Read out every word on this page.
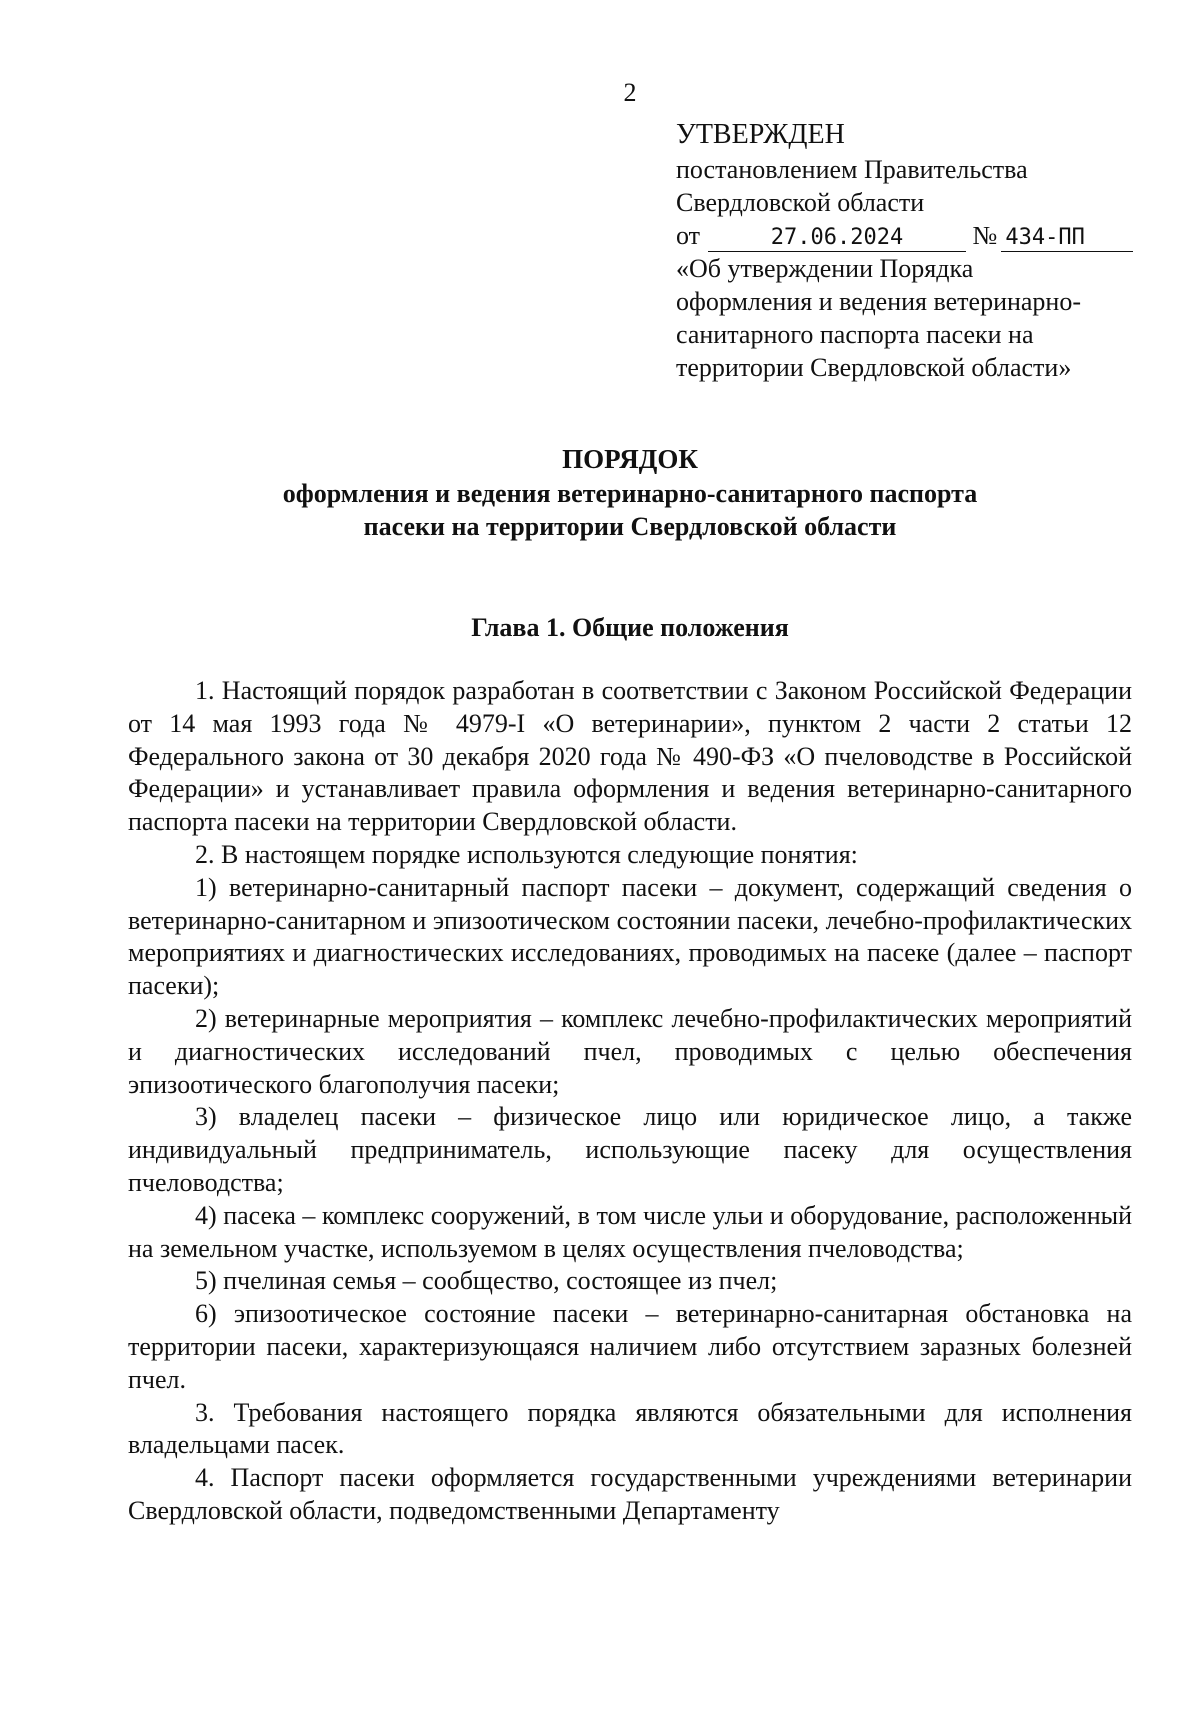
2
УТВЕРЖДЕН
постановлением Правительства
Свердловской области
от	27.06.2024	№ 434-ПП
«Об утверждении Порядка
оформления и ведения ветеринарно-
санитарного паспорта пасеки на
территории Свердловской области»
ПОРЯДОК
оформления и ведения ветеринарно-санитарного паспорта
пасеки на территории Свердловской области
Глава 1. Общие положения

1. Настоящий порядок разработан в соответствии с Законом Российской Федерации от 14 мая 1993 года № 4979-I «О ветеринарии», пунктом 2 части 2 статьи 12 Федерального закона от 30 декабря 2020 года № 490-ФЗ «О пчеловодстве в Российской Федерации» и устанавливает правила оформления и ведения ветеринарно-санитарного паспорта пасеки на территории Свердловской области.

2. В настоящем порядке используются следующие понятия:

1) ветеринарно-санитарный паспорт пасеки – документ, содержащий сведения о ветеринарно-санитарном и эпизоотическом состоянии пасеки, лечебно-профилактических мероприятиях и диагностических исследованиях, проводимых на пасеке (далее – паспорт пасеки);

2) ветеринарные мероприятия – комплекс лечебно-профилактических мероприятий и диагностических исследований пчел, проводимых с целью обеспечения эпизоотического благополучия пасеки;

3) владелец пасеки – физическое лицо или юридическое лицо, а также индивидуальный предприниматель, использующие пасеку для осуществления пчеловодства;

4) пасека – комплекс сооружений, в том числе ульи и оборудование, расположенный на земельном участке, используемом в целях осуществления пчеловодства;

5) пчелиная семья – сообщество, состоящее из пчел;

6) эпизоотическое состояние пасеки – ветеринарно-санитарная обстановка на территории пасеки, характеризующаяся наличием либо отсутствием заразных болезней пчел.

3. Требования настоящего порядка являются обязательными для исполнения владельцами пасек.

4. Паспорт пасеки оформляется государственными учреждениями ветеринарии Свердловской области, подведомственными Департаменту
